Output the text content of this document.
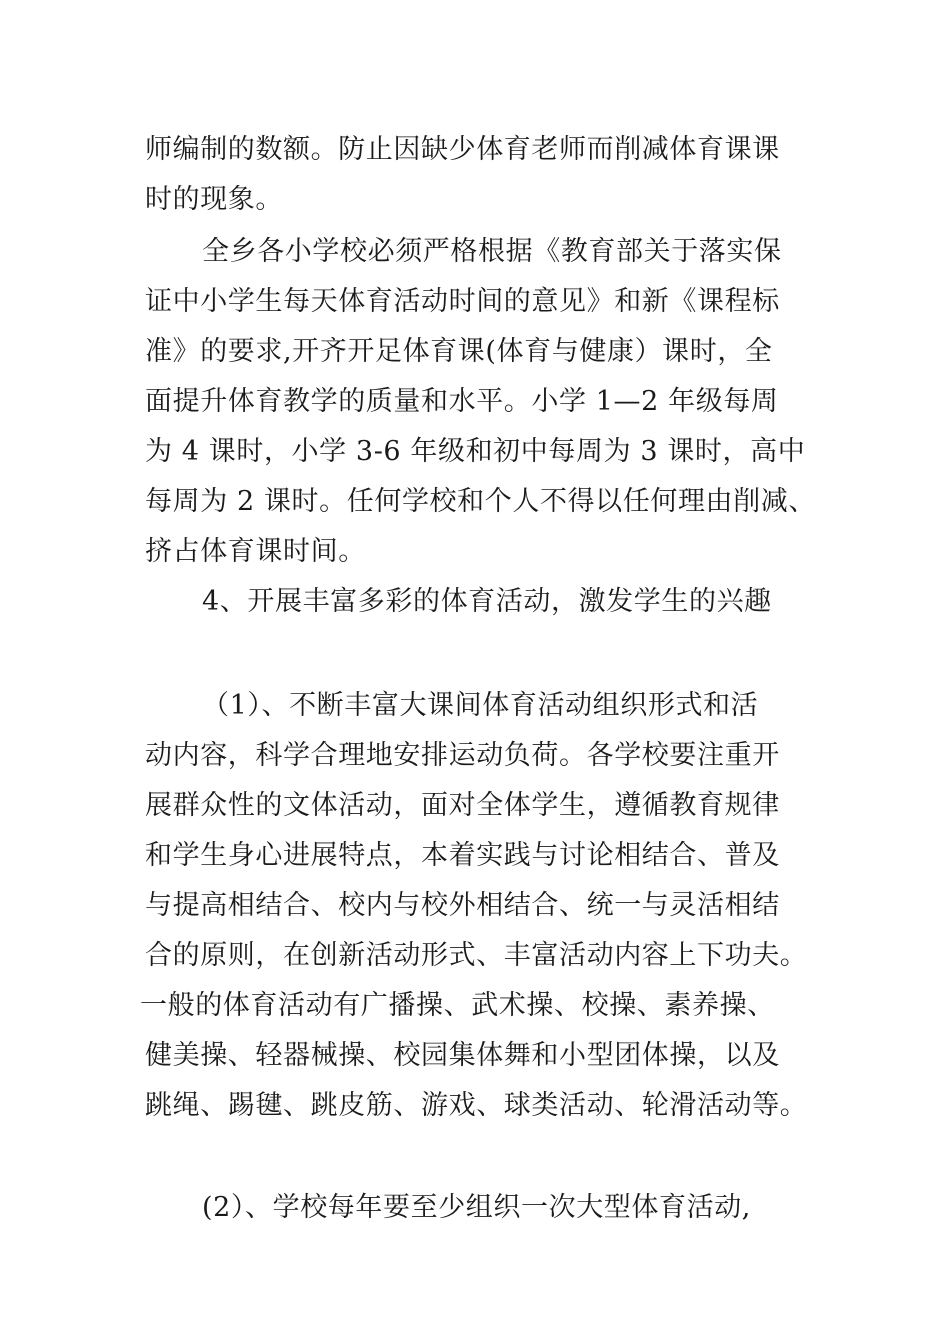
师编制的数额。防止因缺少体育老师而削减体育课课
时的现象。
全乡各小学校必须严格根据《教育部关于落实保
证中小学生每天体育活动时间的意见》和新《课程标
准》的要求,开齐开足体育课(体育与健康）课时，全
面提升体育教学的质量和水平。小学 1—2 年级每周
为 4 课时，小学 3-6 年级和初中每周为 3 课时，高中
每周为 2 课时。任何学校和个人不得以任何理由削减、
挤占体育课时间。
4、开展丰富多彩的体育活动，激发学生的兴趣
（1）、不断丰富大课间体育活动组织形式和活
动内容，科学合理地安排运动负荷。各学校要注重开
展群众性的文体活动，面对全体学生，遵循教育规律
和学生身心进展特点，本着实践与讨论相结合、普及
与提高相结合、校内与校外相结合、统一与灵活相结
合的原则，在创新活动形式、丰富活动内容上下功夫。
一般的体育活动有广播操、武术操、校操、素养操、
健美操、轻器械操、校园集体舞和小型团体操，以及
跳绳、踢毽、跳皮筋、游戏、球类活动、轮滑活动等。
(2）、学校每年要至少组织一次大型体育活动,
